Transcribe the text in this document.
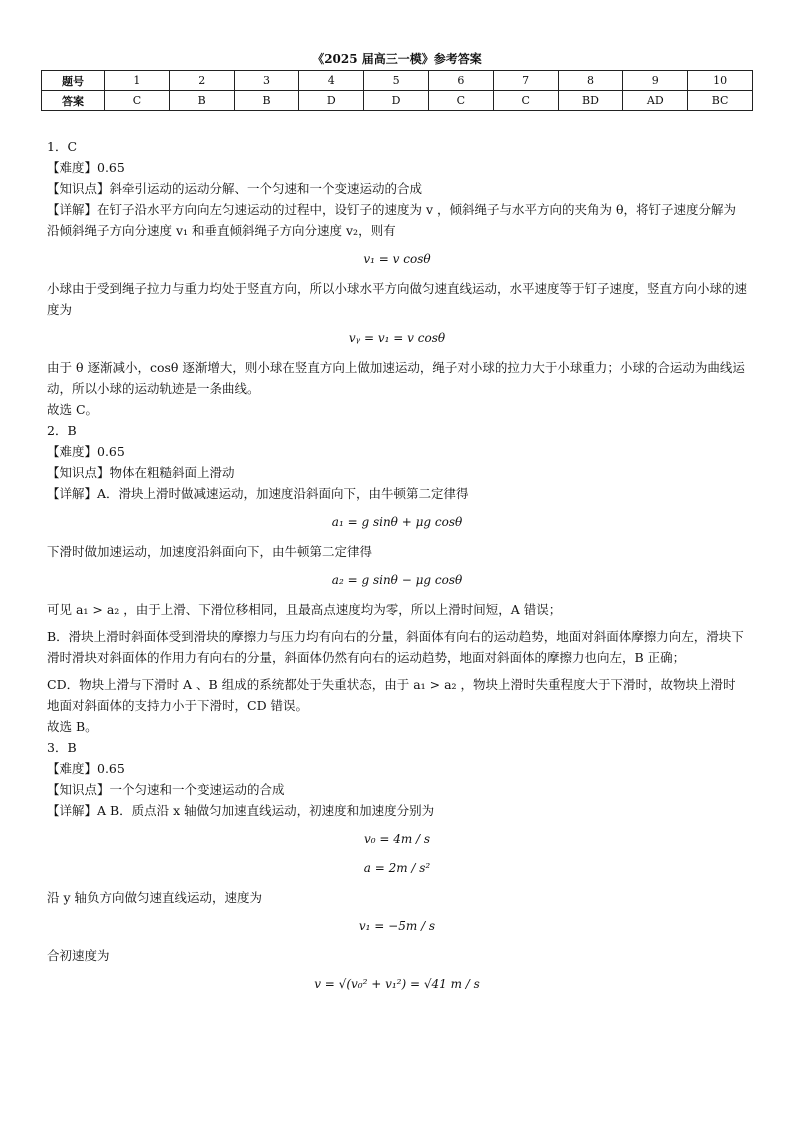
《2025 届高三一模》参考答案
题号	1	2	3	4	5	6	7	8	9	10
答案	C	B	B	D	D	C	C	BD	AD	BC
1．C
【难度】0.65
【知识点】斜牵引运动的运动分解、一个匀速和一个变速运动的合成
【详解】在钉子沿水平方向向左匀速运动的过程中，设钉子的速度为 v ，倾斜绳子与水平方向的夹角为 θ，将钉子速度分解为沿倾斜绳子方向分速度 v₁ 和垂直倾斜绳子方向分速度 v₂，则有
v₁ = v cosθ
小球由于受到绳子拉力与重力均处于竖直方向，所以小球水平方向做匀速直线运动，水平速度等于钉子速度，竖直方向小球的速度为
vᵧ = v₁ = v cosθ
由于 θ 逐渐减小，cosθ 逐渐增大，则小球在竖直方向上做加速运动，绳子对小球的拉力大于小球重力；小球的合运动为曲线运动，所以小球的运动轨迹是一条曲线。
故选 C。
2．B
【难度】0.65
【知识点】物体在粗糙斜面上滑动
【详解】A．滑块上滑时做减速运动，加速度沿斜面向下，由牛顿第二定律得
a₁ = g sinθ + μg cosθ
下滑时做加速运动，加速度沿斜面向下，由牛顿第二定律得
a₂ = g sinθ − μg cosθ
可见 a₁ > a₂ ，由于上滑、下滑位移相同，且最高点速度均为零，所以上滑时间短，A 错误；
B．滑块上滑时斜面体受到滑块的摩擦力与压力均有向右的分量，斜面体有向右的运动趋势，地面对斜面体摩擦力向左，滑块下滑时滑块对斜面体的作用力有向右的分量，斜面体仍然有向右的运动趋势，地面对斜面体的摩擦力也向左，B 正确；
CD．物块上滑与下滑时 A 、B 组成的系统都处于失重状态，由于 a₁ > a₂ ，物块上滑时失重程度大于下滑时，故物块上滑时地面对斜面体的支持力小于下滑时，CD 错误。
故选 B。
3．B
【难度】0.65
【知识点】一个匀速和一个变速运动的合成
【详解】A B．质点沿 x 轴做匀加速直线运动，初速度和加速度分别为
v₀ = 4m / s
a = 2m / s²
沿 y 轴负方向做匀速直线运动，速度为
v₁ = −5m / s
合初速度为
v = √(v₀² + v₁²) = √41 m / s
